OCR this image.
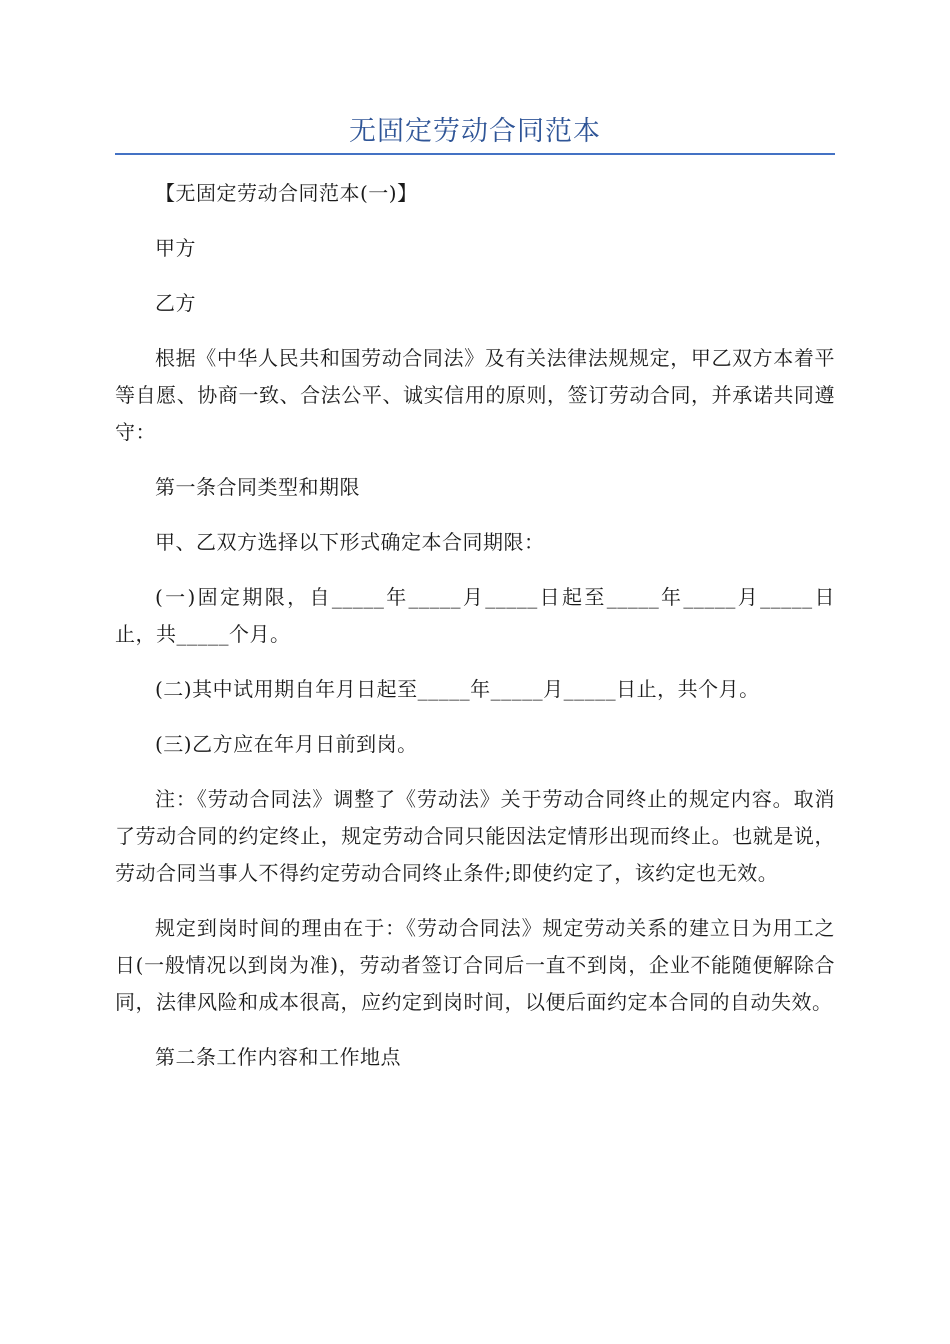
无固定劳动合同范本

【无固定劳动合同范本(一)】

甲方

乙方

根据《中华人民共和国劳动合同法》及有关法律法规规定，甲乙双方本着平等自愿、协商一致、合法公平、诚实信用的原则，签订劳动合同，并承诺共同遵守：

第一条合同类型和期限

甲、乙双方选择以下形式确定本合同期限：

(一)固定期限，自_____年_____月_____日起至_____年_____月_____日止，共_____个月。

(二)其中试用期自年月日起至_____年_____月_____日止，共个月。

(三)乙方应在年月日前到岗。

注：《劳动合同法》调整了《劳动法》关于劳动合同终止的规定内容。取消了劳动合同的约定终止，规定劳动合同只能因法定情形出现而终止。也就是说，劳动合同当事人不得约定劳动合同终止条件;即使约定了，该约定也无效。

规定到岗时间的理由在于：《劳动合同法》规定劳动关系的建立日为用工之日(一般情况以到岗为准)，劳动者签订合同后一直不到岗，企业不能随便解除合同，法律风险和成本很高，应约定到岗时间，以便后面约定本合同的自动失效。

第二条工作内容和工作地点
